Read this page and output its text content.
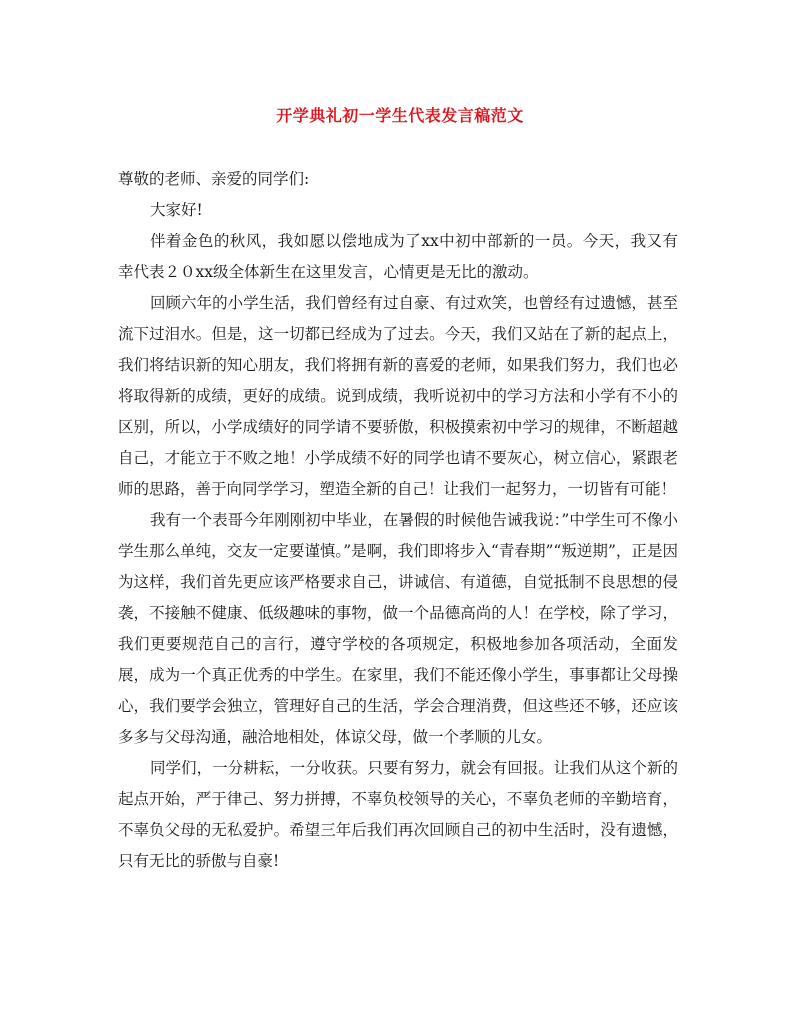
开学典礼初一学生代表发言稿范文

尊敬的老师、亲爱的同学们:

大家好!

伴着金色的秋风，我如愿以偿地成为了xx中初中部新的一员。今天，我又有幸代表２０xx级全体新生在这里发言，心情更是无比的激动。

回顾六年的小学生活，我们曾经有过自豪、有过欢笑，也曾经有过遗憾，甚至流下过泪水。但是，这一切都已经成为了过去。今天，我们又站在了新的起点上，我们将结识新的知心朋友，我们将拥有新的喜爱的老师，如果我们努力，我们也必将取得新的成绩，更好的成绩。说到成绩，我听说初中的学习方法和小学有不小的区别，所以，小学成绩好的同学请不要骄傲，积极摸索初中学习的规律，不断超越自己，才能立于不败之地！小学成绩不好的同学也请不要灰心，树立信心，紧跟老师的思路，善于向同学学习，塑造全新的自己！让我们一起努力，一切皆有可能！

我有一个表哥今年刚刚初中毕业，在暑假的时候他告诫我说：”中学生可不像小学生那么单纯，交友一定要谨慎。”是啊，我们即将步入“青春期”“叛逆期”，正是因为这样，我们首先更应该严格要求自己，讲诚信、有道德，自觉抵制不良思想的侵袭，不接触不健康、低级趣味的事物，做一个品德高尚的人！在学校，除了学习，我们更要规范自己的言行，遵守学校的各项规定，积极地参加各项活动，全面发展，成为一个真正优秀的中学生。在家里，我们不能还像小学生，事事都让父母操心，我们要学会独立，管理好自己的生活，学会合理消费，但这些还不够，还应该多多与父母沟通，融洽地相处，体谅父母，做一个孝顺的儿女。

同学们，一分耕耘，一分收获。只要有努力，就会有回报。让我们从这个新的起点开始，严于律己、努力拼搏，不辜负校领导的关心，不辜负老师的辛勤培育，不辜负父母的无私爱护。希望三年后我们再次回顾自己的初中生活时，没有遗憾，只有无比的骄傲与自豪!
